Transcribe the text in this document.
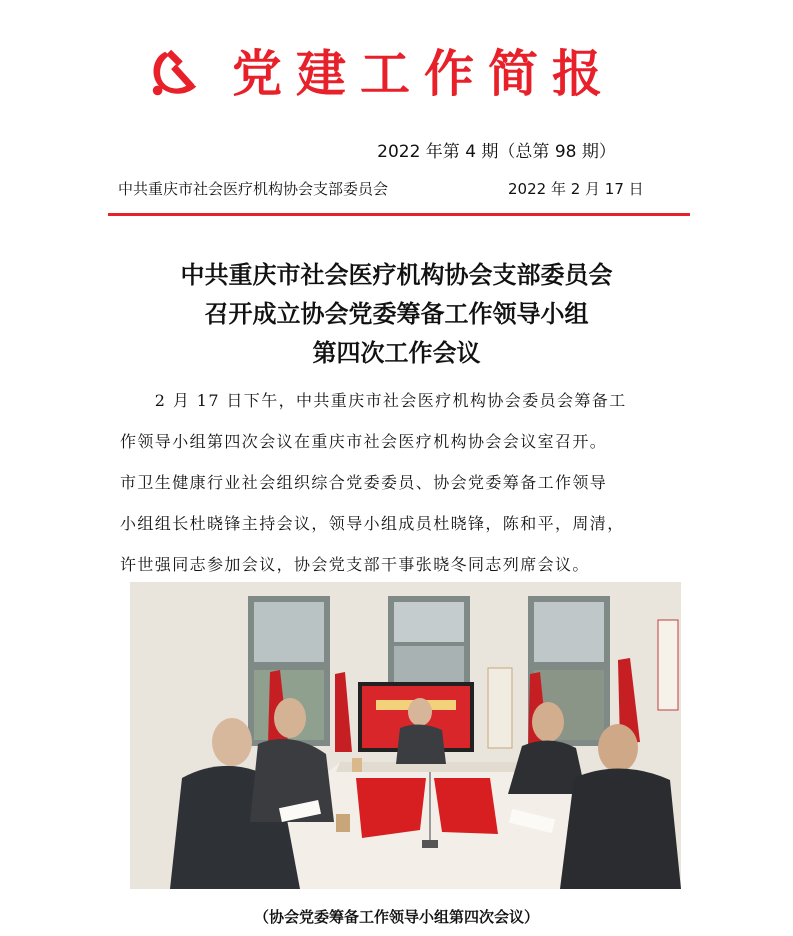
党建工作简报
2022 年第 4 期（总第 98 期）
中共重庆市社会医疗机构协会支部委员会	2022 年 2 月 17 日
中共重庆市社会医疗机构协会支部委员会
召开成立协会党委筹备工作领导小组
第四次工作会议
　　2 月 17 日下午，中共重庆市社会医疗机构协会委员会筹备工
作领导小组第四次会议在重庆市社会医疗机构协会会议室召开。
市卫生健康行业社会组织综合党委委员、协会党委筹备工作领导
小组组长杜晓锋主持会议，领导小组成员杜晓锋，陈和平，周清，
许世强同志参加会议，协会党支部干事张晓冬同志列席会议。
（协会党委筹备工作领导小组第四次会议）
